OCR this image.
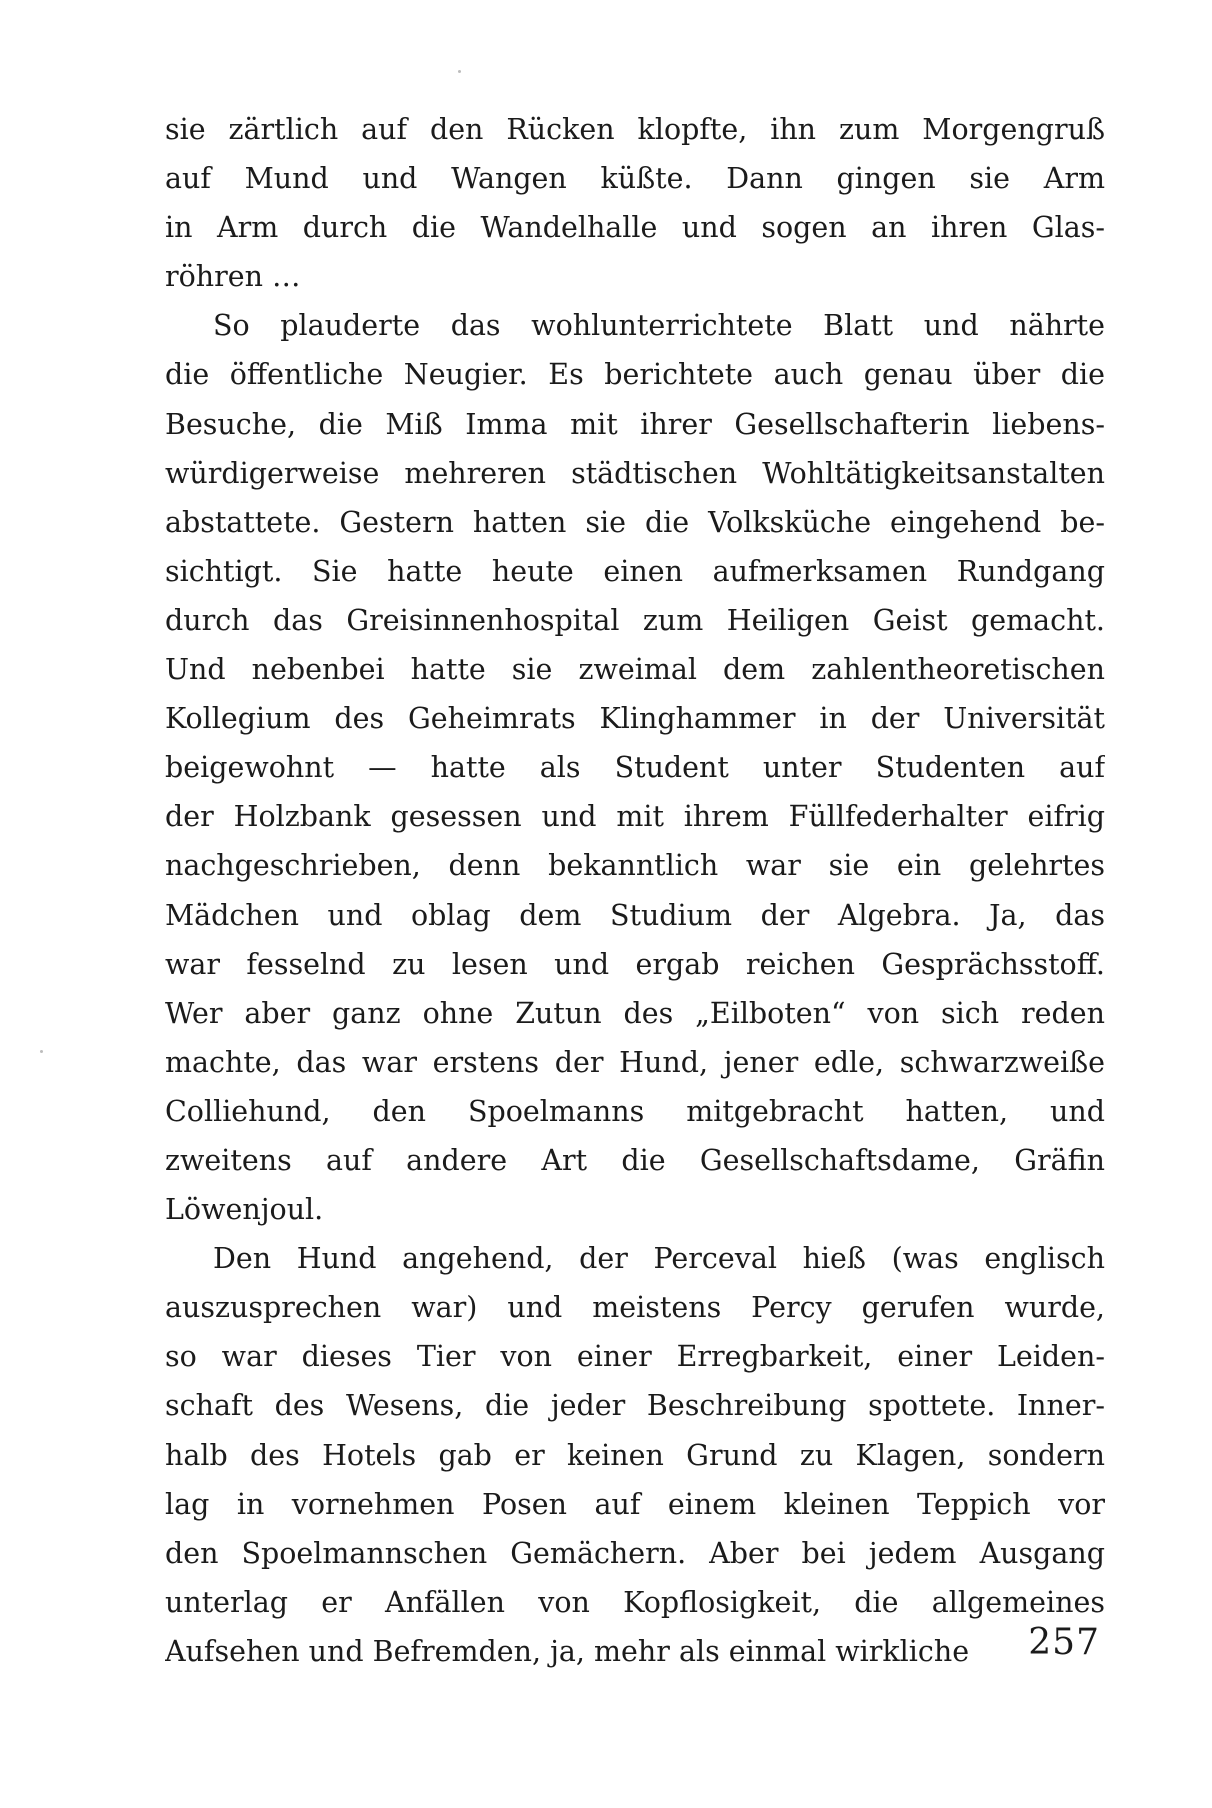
sie zärtlich auf den Rücken klopfte, ihn zum Morgengruß
auf Mund und Wangen küßte. Dann gingen sie Arm
in Arm durch die Wandelhalle und sogen an ihren Glas-
röhren …
So plauderte das wohlunterrichtete Blatt und nährte
die öffentliche Neugier. Es berichtete auch genau über die
Besuche, die Miß Imma mit ihrer Gesellschafterin liebens-
würdigerweise mehreren städtischen Wohltätigkeitsanstalten
abstattete. Gestern hatten sie die Volksküche eingehend be-
sichtigt. Sie hatte heute einen aufmerksamen Rundgang
durch das Greisinnenhospital zum Heiligen Geist gemacht.
Und nebenbei hatte sie zweimal dem zahlentheoretischen
Kollegium des Geheimrats Klinghammer in der Universität
beigewohnt — hatte als Student unter Studenten auf
der Holzbank gesessen und mit ihrem Füllfederhalter eifrig
nachgeschrieben, denn bekanntlich war sie ein gelehrtes
Mädchen und oblag dem Studium der Algebra. Ja, das
war fesselnd zu lesen und ergab reichen Gesprächsstoff.
Wer aber ganz ohne Zutun des „Eilboten“ von sich reden
machte, das war erstens der Hund, jener edle, schwarzweiße
Colliehund, den Spoelmanns mitgebracht hatten, und
zweitens auf andere Art die Gesellschaftsdame, Gräfin
Löwenjoul.
Den Hund angehend, der Perceval hieß (was englisch
auszusprechen war) und meistens Percy gerufen wurde,
so war dieses Tier von einer Erregbarkeit, einer Leiden-
schaft des Wesens, die jeder Beschreibung spottete. Inner-
halb des Hotels gab er keinen Grund zu Klagen, sondern
lag in vornehmen Posen auf einem kleinen Teppich vor
den Spoelmannschen Gemächern. Aber bei jedem Ausgang
unterlag er Anfällen von Kopflosigkeit, die allgemeines
Aufsehen und Befremden, ja, mehr als einmal wirkliche	257
